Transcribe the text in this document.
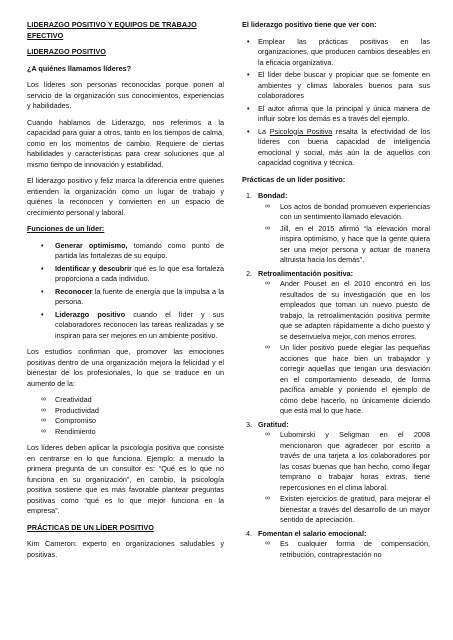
LIDERAZGO POSITIVO Y EQUIPOS DE TRABAJO EFECTIVO

LIDERAZGO POSITIVO

¿A quiénes llamamos líderes?

Los líderes son personas reconocidas porque ponen al servicio de la organización sus conocimientos, experiencias y habilidades.

Cuando hablamos de Liderazgo, nos referimos a la capacidad para guiar a otros, tanto en los tiempos de calma, como en los momentos de cambio. Requiere de ciertas habilidades y características para crear soluciones que al mismo tiempo de innovación y estabilidad.

El liderazgo positivo y feliz marca la diferencia entre quienes entienden la organización como un lugar de trabajo y quiénes la reconocen y convierten en un espacio de crecimiento personal y laboral.

Funciones de un líder:

• Generar optimismo, tomando como punto de partida las fortalezas de su equipo.
• Identificar y descubrir qué es lo que esa fortaleza proporciona a cada individuo.
• Reconocer la fuente de energía que la impulsa a la persona.
• Liderazgo positivo cuando el líder y sus colaboradores reconocen las tareas realizadas y se inspiran para ser mejores en un ambiente positivo.

Los estudios confirman que, promover las emociones positivas dentro de una organización mejora la felicidad y el bienestar de los profesionales, lo que se traduce en un aumento de la:

∞ Creatividad
∞ Productividad
∞ Compromiso
∞ Rendimiento

Los líderes deben aplicar la psicología positiva que consiste en centrarse en lo que funciona. Ejemplo: a menudo la primera pregunta de un consultor es: “Qué es lo que no funciona en su organización”, en cambio, la psicología positiva sostiene que es más favorable plantear preguntas positivas como “qué es lo que mejor funciona en la empresa”.

PRÁCTICAS DE UN LÍDER POSITIVO

Kim Cameron: experto en organizaciones saludables y positivas.

El liderazgo positivo tiene que ver con:

• Emplear las prácticas positivas en las organizaciones, que producen cambios deseables en la eficacia organizativa.
• El líder debe buscar y propiciar que se fomente en ambientes y climas laborales buenos para sus colaboradores
• El autor afirma que la principal y única manera de influir sobre los demás es a través del ejemplo.
• La Psicología Positiva resalta la efectividad de los líderes con buena capacidad de inteligencia emocional y social, más aún la de aquellos con capacidad cognitiva y técnica.

Prácticas de un líder positivo:

1. Bondad:
∞ Los actos de bondad promueven experiencias con un sentimiento llamado elevación.
∞ Jill, en el 2015 afirmó “la elevación moral inspira optimismo, y hace que la gente quiera ser una mejor persona y actuar de manera altruista hacia los demás”.
2. Retroalimentación positiva:
∞ Ander Pouset en el 2010 encontró en los resultados de su investigación que en los empleados que toman un nuevo puesto de trabajo, la retroalimentación positiva permite que se adapten rápidamente a dicho puesto y se desenvuelva mejor, con menos errores.
∞ Un líder positivo puede elegiar las pequeñas acciones que hace bien un trabajador y corregir aquellas que tengan una desviación en el comportamiento deseado, de forma pacífica amable y poniendo el ejemplo de cómo debe hacerlo, no únicamente diciendo que está mal lo que hace.
3. Gratitud:
∞ Lubomirski y Seligman en el 2008 mencionaron que agradecer por escrito a través de una tarjeta a los colaboradores por las cosas buenas que han hecho, como llegar temprano o trabajar horas extras, tiene repercusiones en el clima laboral.
∞ Existen ejercicios de gratitud, para mejorar el bienestar a través del desarrollo de un mayor sentido de apreciación.
4. Fomentan el salario emocional:
∞ Es cualquier forma de compensación, retribución, contraprestación no
